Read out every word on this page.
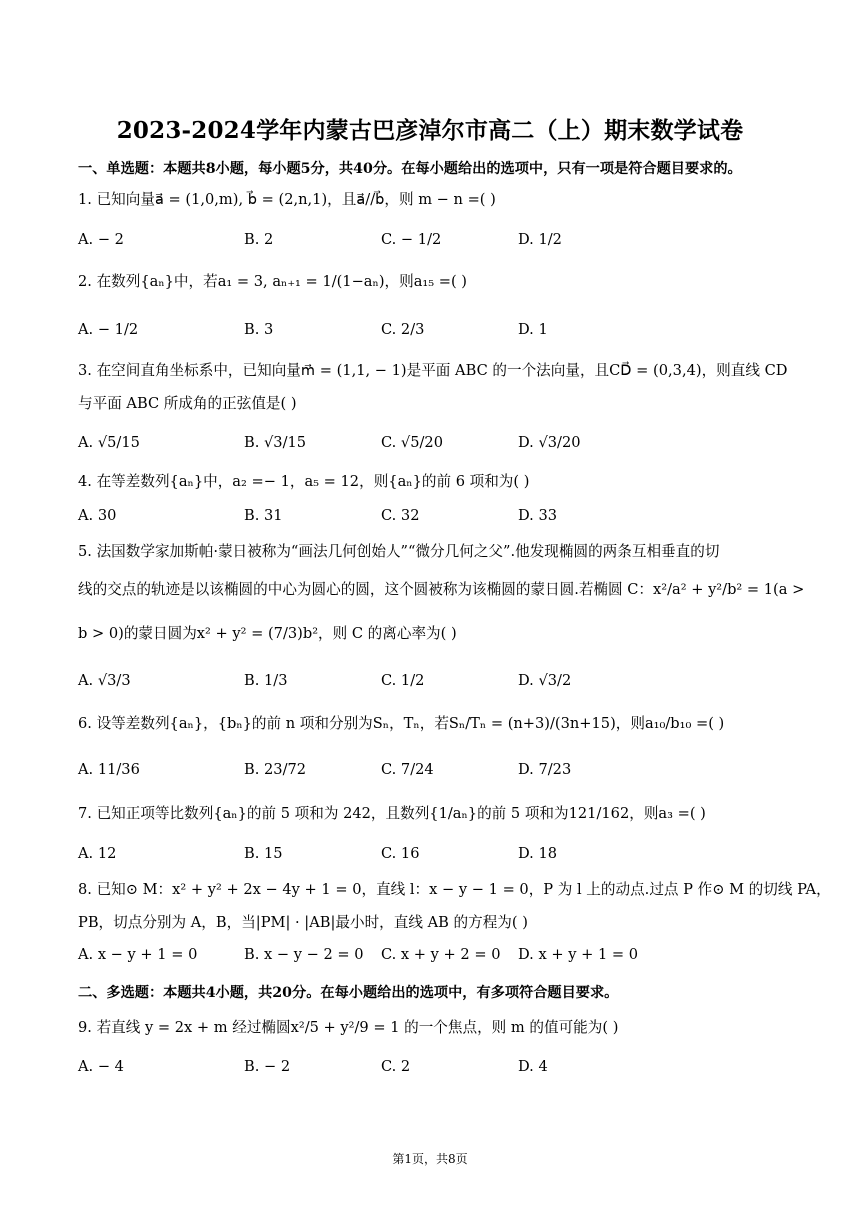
2023-2024学年内蒙古巴彦淖尔市高二（上）期末数学试卷
一、单选题：本题共8小题，每小题5分，共40分。在每小题给出的选项中，只有一项是符合题目要求的。
1. 已知向量a⃗ = (1,0,m), b⃗ = (2,n,1)，且a⃗//b⃗，则 m − n =( )
A. − 2	B. 2	C. − 1/2	D. 1/2
2. 在数列{aₙ}中，若a₁ = 3, aₙ₊₁ = 1/(1−aₙ)，则a₁₅ =( )
A. − 1/2	B. 3	C. 2/3	D. 1
3. 在空间直角坐标系中，已知向量m⃗ = (1,1, − 1)是平面 ABC 的一个法向量，且CD⃗ = (0,3,4)，则直线 CD
与平面 ABC 所成角的正弦值是( )
A. √5/15	B. √3/15	C. √5/20	D. √3/20
4. 在等差数列{aₙ}中，a₂ =− 1，a₅ = 12，则{aₙ}的前 6 项和为( )
A. 30	B. 31	C. 32	D. 33
5. 法国数学家加斯帕·蒙日被称为“画法几何创始人”“微分几何之父”.他发现椭圆的两条互相垂直的切
线的交点的轨迹是以该椭圆的中心为圆心的圆，这个圆被称为该椭圆的蒙日圆.若椭圆 C：x²/a² + y²/b² = 1(a >
b > 0)的蒙日圆为x² + y² = (7/3)b²，则 C 的离心率为( )
A. √3/3	B. 1/3	C. 1/2	D. √3/2
6. 设等差数列{aₙ}，{bₙ}的前 n 项和分别为Sₙ，Tₙ，若Sₙ/Tₙ = (n+3)/(3n+15)，则a₁₀/b₁₀ =( )
A. 11/36	B. 23/72	C. 7/24	D. 7/23
7. 已知正项等比数列{aₙ}的前 5 项和为 242，且数列{1/aₙ}的前 5 项和为121/162，则a₃ =( )
A. 12	B. 15	C. 16	D. 18
8. 已知⊙ M：x² + y² + 2x − 4y + 1 = 0，直线 l：x − y − 1 = 0，P 为 l 上的动点.过点 P 作⊙ M 的切线 PA，
PB，切点分别为 A，B，当|PM| · |AB|最小时，直线 AB 的方程为( )
A. x − y + 1 = 0	B. x − y − 2 = 0 C. x + y + 2 = 0 D. x + y + 1 = 0
二、多选题：本题共4小题，共20分。在每小题给出的选项中，有多项符合题目要求。
9. 若直线 y = 2x + m 经过椭圆x²/5 + y²/9 = 1 的一个焦点，则 m 的值可能为( )
A. − 4	B. − 2	C. 2	D. 4
第1页，共8页
